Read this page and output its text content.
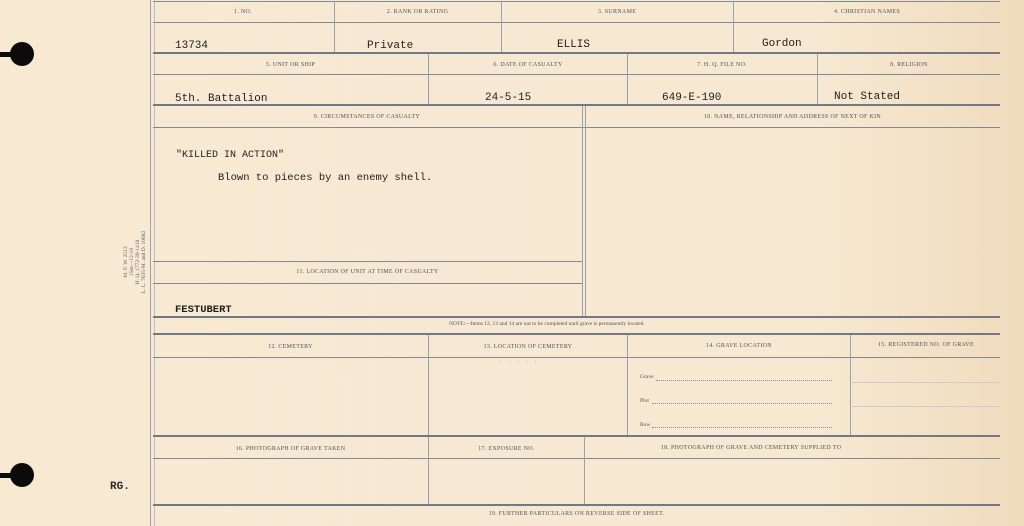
M. F. W. 2513 15m—12-19 H. Q. 1772-39-1418 L. L. 7635-M. and D. 10682
RG.
1. NO.	2. RANK OR RATING	3. SURNAME	4. CHRISTIAN NAMES
13734	Private	ELLIS	Gordon
5. UNIT OR SHIP	6. DATE OF CASUALTY	7. H. Q. FILE NO.	8. RELIGION
5th. Battalion	24-5-15	649-E-190	Not Stated
9. CIRCUMSTANCES OF CASUALTY	10. NAME, RELATIONSHIP AND ADDRESS OF NEXT OF KIN
"KILLED IN ACTION"
Blown to pieces by an enemy shell.
11. LOCATION OF UNIT AT TIME OF CASUALTY
FESTUBERT
NOTE:—Items 12, 13 and 14 are not to be completed until grave is permanently located.
12. CEMETERY	13. LOCATION OF CEMETERY	14. GRAVE LOCATION	15. REGISTERED NO. OF GRAVE
. . . . .
Grave
Plot
Row
16. PHOTOGRAPH OF GRAVE TAKEN	17. EXPOSURE NO.	18. PHOTOGRAPH OF GRAVE AND CEMETERY SUPPLIED TO
19. FURTHER PARTICULARS ON REVERSE SIDE OF SHEET.
